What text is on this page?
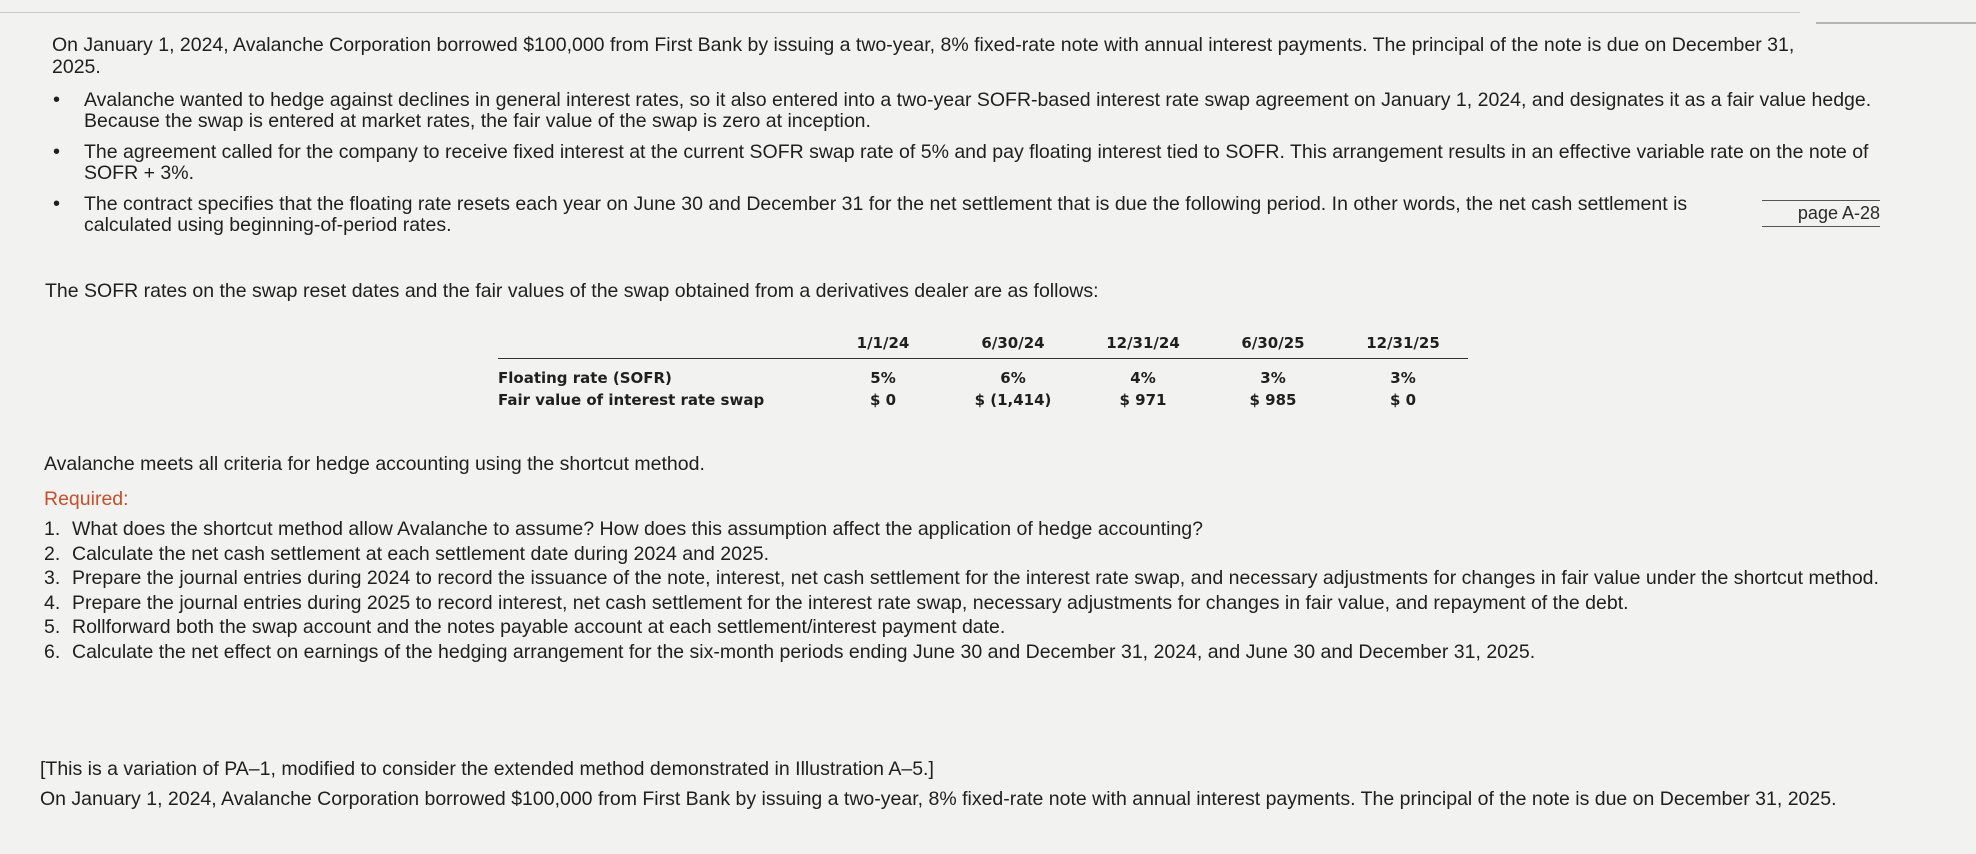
On January 1, 2024, Avalanche Corporation borrowed $100,000 from First Bank by issuing a two-year, 8% fixed-rate note with annual interest payments. The principal of the note is due on December 31, 2025.

• Avalanche wanted to hedge against declines in general interest rates, so it also entered into a two-year SOFR-based interest rate swap agreement on January 1, 2024, and designates it as a fair value hedge. Because the swap is entered at market rates, the fair value of the swap is zero at inception.
• The agreement called for the company to receive fixed interest at the current SOFR swap rate of 5% and pay floating interest tied to SOFR. This arrangement results in an effective variable rate on the note of SOFR + 3%.
• The contract specifies that the floating rate resets each year on June 30 and December 31 for the net settlement that is due the following period. In other words, the net cash settlement is calculated using beginning-of-period rates.
page A-28

The SOFR rates on the swap reset dates and the fair values of the swap obtained from a derivatives dealer are as follows:

	1/1/24	6/30/24	12/31/24	6/30/25	12/31/25
Floating rate (SOFR)	5%	6%	4%	3%	3%
Fair value of interest rate swap	$ 0	$ (1,414)	$ 971	$ 985	$ 0

Avalanche meets all criteria for hedge accounting using the shortcut method.

Required:
1. What does the shortcut method allow Avalanche to assume? How does this assumption affect the application of hedge accounting?
2. Calculate the net cash settlement at each settlement date during 2024 and 2025.
3. Prepare the journal entries during 2024 to record the issuance of the note, interest, net cash settlement for the interest rate swap, and necessary adjustments for changes in fair value under the shortcut method.
4. Prepare the journal entries during 2025 to record interest, net cash settlement for the interest rate swap, necessary adjustments for changes in fair value, and repayment of the debt.
5. Rollforward both the swap account and the notes payable account at each settlement/interest payment date.
6. Calculate the net effect on earnings of the hedging arrangement for the six-month periods ending June 30 and December 31, 2024, and June 30 and December 31, 2025.

[This is a variation of PA–1, modified to consider the extended method demonstrated in Illustration A–5.]

On January 1, 2024, Avalanche Corporation borrowed $100,000 from First Bank by issuing a two-year, 8% fixed-rate note with annual interest payments. The principal of the note is due on December 31, 2025.
